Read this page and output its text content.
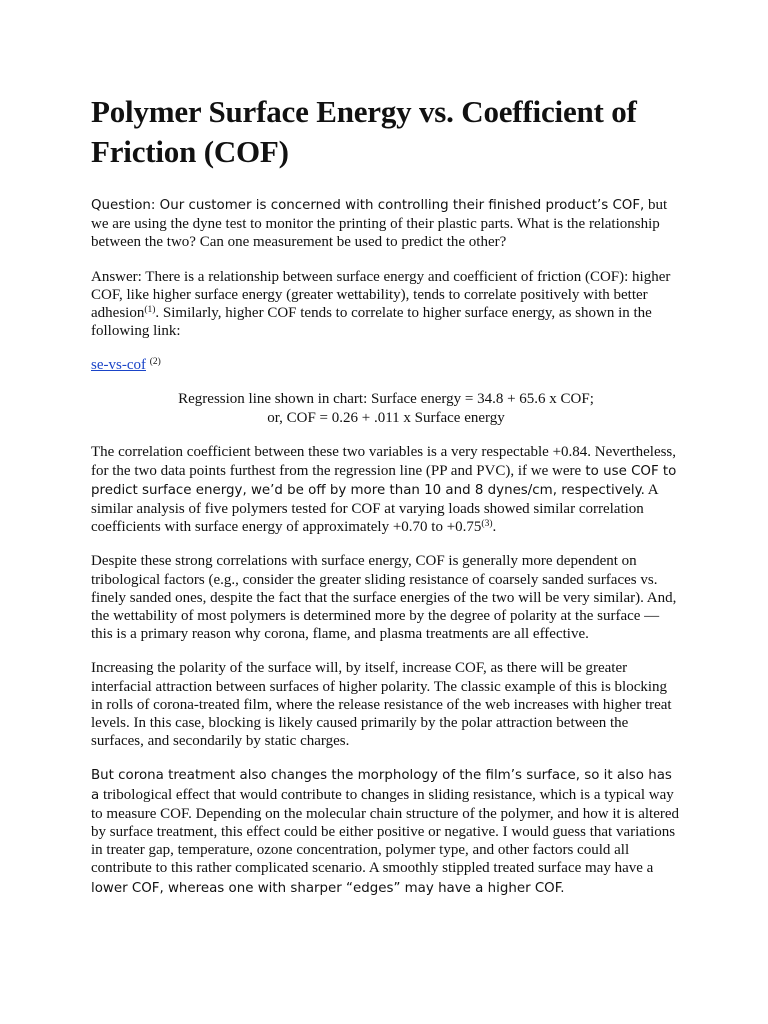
Polymer Surface Energy vs. Coefficient of Friction (COF)

Question: Our customer is concerned with controlling their finished product’s COF, but we are using the dyne test to monitor the printing of their plastic parts. What is the relationship between the two? Can one measurement be used to predict the other?

Answer: There is a relationship between surface energy and coefficient of friction (COF): higher COF, like higher surface energy (greater wettability), tends to correlate positively with better adhesion$^{(1)}$. Similarly, higher COF tends to correlate to higher surface energy, as shown in the following link:

se-vs-cof $^{(2)}$
Regression line shown in chart: Surface energy = 34.8 + 65.6 x COF;
or, COF = 0.26 + .011 x Surface energy

The correlation coefficient between these two variables is a very respectable +0.84. Nevertheless, for the two data points furthest from the regression line (PP and PVC), if we were to use COF to predict surface energy, we’d be off by more than 10 and 8 dynes/cm, respectively. A similar analysis of five polymers tested for COF at varying loads showed similar correlation coefficients with surface energy of approximately +0.70 to $+0.75^{(3)}$.

Despite these strong correlations with surface energy, COF is generally more dependent on tribological factors (e.g., consider the greater sliding resistance of coarsely sanded surfaces vs. finely sanded ones, despite the fact that the surface energies of the two will be very similar). And, the wettability of most polymers is determined more by the degree of polarity at the surface — this is a primary reason why corona, flame, and plasma treatments are all effective.

Increasing the polarity of the surface will, by itself, increase COF, as there will be greater interfacial attraction between surfaces of higher polarity. The classic example of this is blocking in rolls of corona-treated film, where the release resistance of the web increases with higher treat levels. In this case, blocking is likely caused primarily by the polar attraction between the surfaces, and secondarily by static charges.

But corona treatment also changes the morphology of the film’s surface, so it also has a tribological effect that would contribute to changes in sliding resistance, which is a typical way to measure COF. Depending on the molecular chain structure of the polymer, and how it is altered by surface treatment, this effect could be either positive or negative. I would guess that variations in treater gap, temperature, ozone concentration, polymer type, and other factors could all contribute to this rather complicated scenario. A smoothly stippled treated surface may have a lower COF, whereas one with sharper “edges” may have a higher COF.
